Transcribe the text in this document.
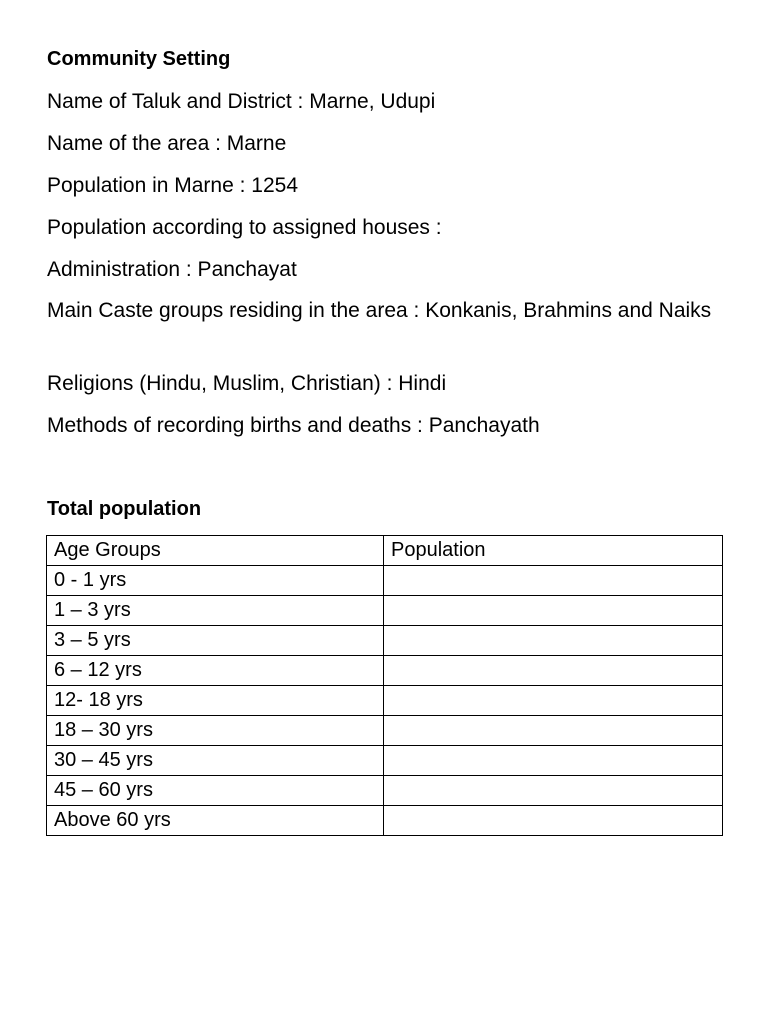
Community Setting
Name of Taluk and District : Marne, Udupi
Name of the area : Marne
Population in Marne : 1254
Population according to assigned houses :
Administration : Panchayat
Main Caste groups residing in the area : Konkanis, Brahmins and Naiks
Religions (Hindu, Muslim, Christian) : Hindi
Methods of recording births and deaths : Panchayath
Total population
Age Groups	Population
0 - 1 yrs	
1 – 3 yrs	
3 – 5 yrs	
6 – 12 yrs	
12- 18 yrs	
18 – 30 yrs	
30 – 45 yrs	
45 – 60 yrs	
Above 60 yrs	
